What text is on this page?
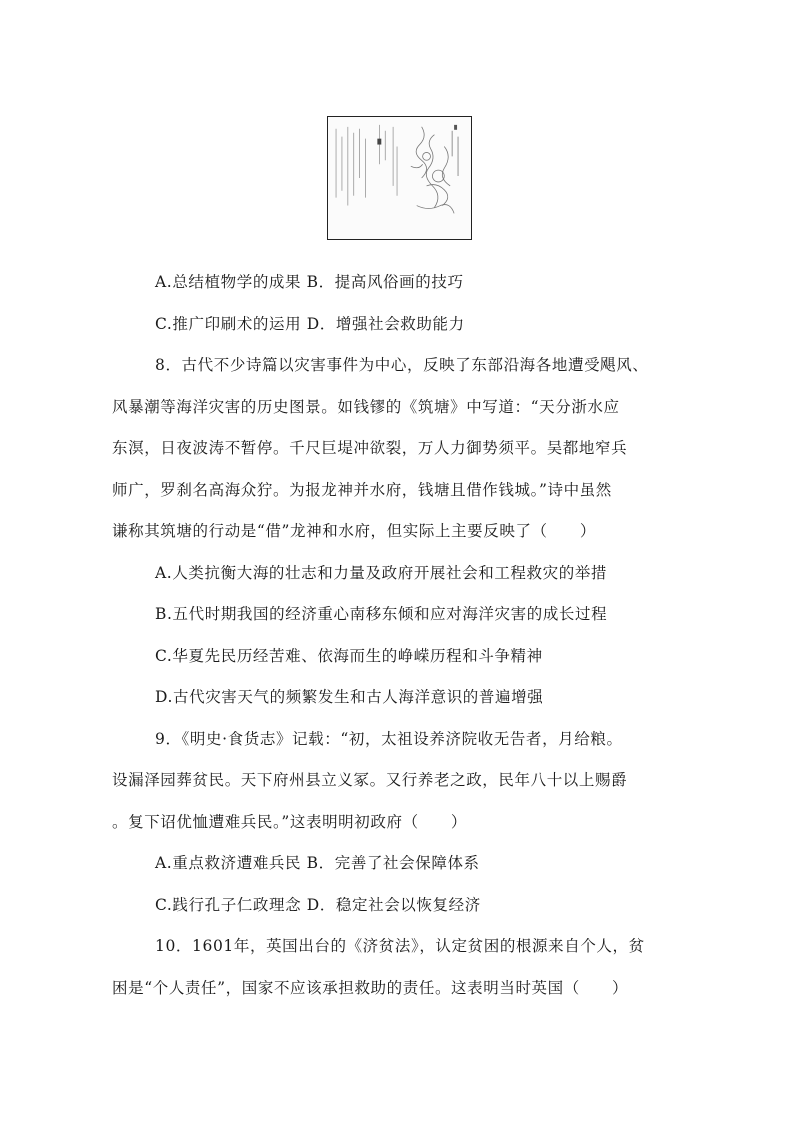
A.总结植物学的成果 B．提高风俗画的技巧
C.推广印刷术的运用 D．增强社会救助能力
8．古代不少诗篇以灾害事件为中心，反映了东部沿海各地遭受飓风、
风暴潮等海洋灾害的历史图景。如钱镠的《筑塘》中写道：“天分浙水应
东溟，日夜波涛不暂停。千尺巨堤冲欲裂，万人力御势须平。吴都地窄兵
师广，罗刹名高海众狞。为报龙神并水府，钱塘且借作钱城。”诗中虽然
谦称其筑塘的行动是“借”龙神和水府，但实际上主要反映了（　　）
A.人类抗衡大海的壮志和力量及政府开展社会和工程救灾的举措
B.五代时期我国的经济重心南移东倾和应对海洋灾害的成长过程
C.华夏先民历经苦难、依海而生的峥嵘历程和斗争精神
D.古代灾害天气的频繁发生和古人海洋意识的普遍增强
9．《明史·食货志》记载：“初，太祖设养济院收无告者，月给粮。
设漏泽园葬贫民。天下府州县立义冢。又行养老之政，民年八十以上赐爵
。复下诏优恤遭难兵民。”这表明明初政府（　　）
A.重点救济遭难兵民 B．完善了社会保障体系
C.践行孔子仁政理念 D．稳定社会以恢复经济
10．1601年，英国出台的《济贫法》，认定贫困的根源来自个人，贫
困是“个人责任”，国家不应该承担救助的责任。这表明当时英国（　　）
